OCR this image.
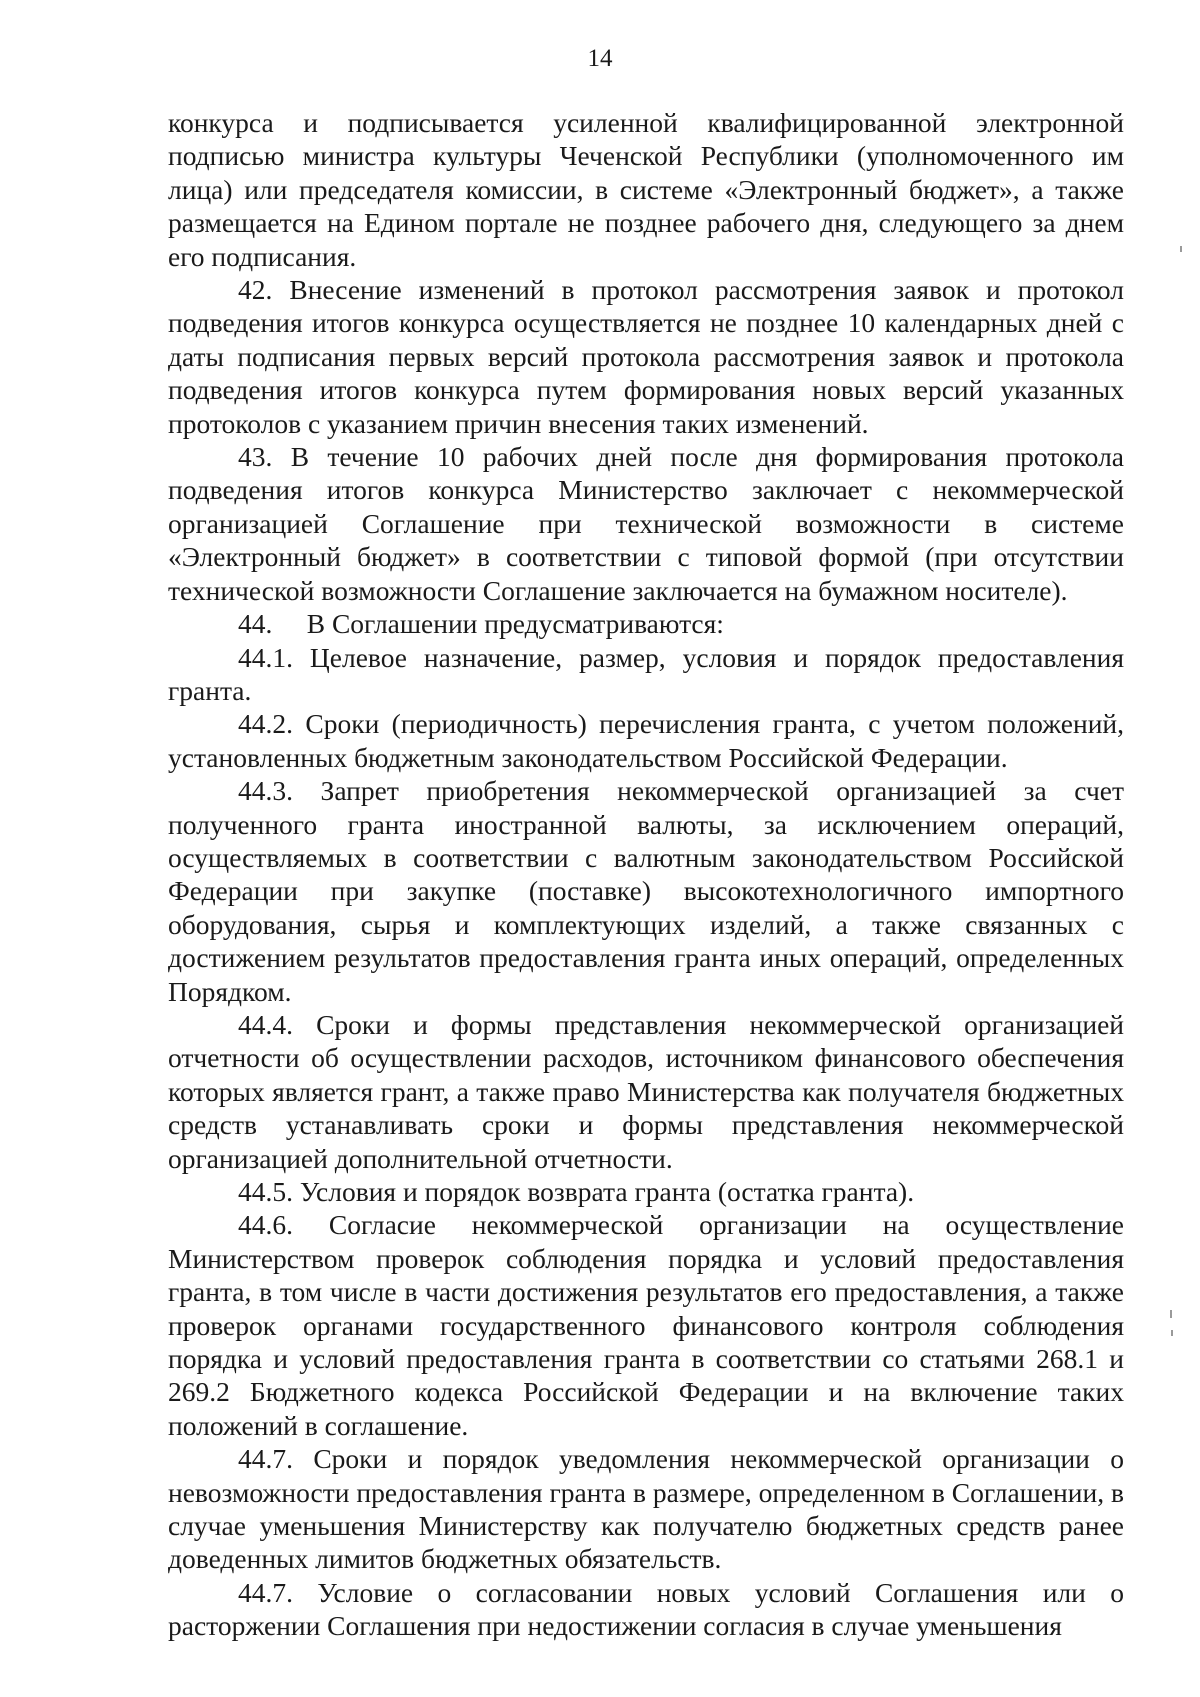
14

конкурса и подписывается усиленной квалифицированной электронной подписью министра культуры Чеченской Республики (уполномоченного им лица) или председателя комиссии, в системе «Электронный бюджет», а также размещается на Едином портале не позднее рабочего дня, следующего за днем его подписания.

42. Внесение изменений в протокол рассмотрения заявок и протокол подведения итогов конкурса осуществляется не позднее 10 календарных дней с даты подписания первых версий протокола рассмотрения заявок и протокола подведения итогов конкурса путем формирования новых версий указанных протоколов с указанием причин внесения таких изменений.

43. В течение 10 рабочих дней после дня формирования протокола подведения итогов конкурса Министерство заключает с некоммерческой организацией Соглашение при технической возможности в системе «Электронный бюджет» в соответствии с типовой формой (при отсутствии технической возможности Соглашение заключается на бумажном носителе).

44.     В Соглашении предусматриваются:

44.1. Целевое назначение, размер, условия и порядок предоставления гранта.

44.2. Сроки (периодичность) перечисления гранта, с учетом положений, установленных бюджетным законодательством Российской Федерации.

44.3. Запрет приобретения некоммерческой организацией за счет полученного гранта иностранной валюты, за исключением операций, осуществляемых в соответствии с валютным законодательством Российской Федерации при закупке (поставке) высокотехнологичного импортного оборудования, сырья и комплектующих изделий, а также связанных с достижением результатов предоставления гранта иных операций, определенных Порядком.

44.4. Сроки и формы представления некоммерческой организацией отчетности об осуществлении расходов, источником финансового обеспечения которых является грант, а также право Министерства как получателя бюджетных средств устанавливать сроки и формы представления некоммерческой организацией дополнительной отчетности.

44.5. Условия и порядок возврата гранта (остатка гранта).

44.6. Согласие некоммерческой организации на осуществление Министерством проверок соблюдения порядка и условий предоставления гранта, в том числе в части достижения результатов его предоставления, а также проверок органами государственного финансового контроля соблюдения порядка и условий предоставления гранта в соответствии со статьями 268.1 и 269.2 Бюджетного кодекса Российской Федерации и на включение таких положений в соглашение.

44.7. Сроки и порядок уведомления некоммерческой организации о невозможности предоставления гранта в размере, определенном в Соглашении, в случае уменьшения Министерству как получателю бюджетных средств ранее доведенных лимитов бюджетных обязательств.

44.7. Условие о согласовании новых условий Соглашения или о расторжении Соглашения при недостижении согласия в случае уменьшения
